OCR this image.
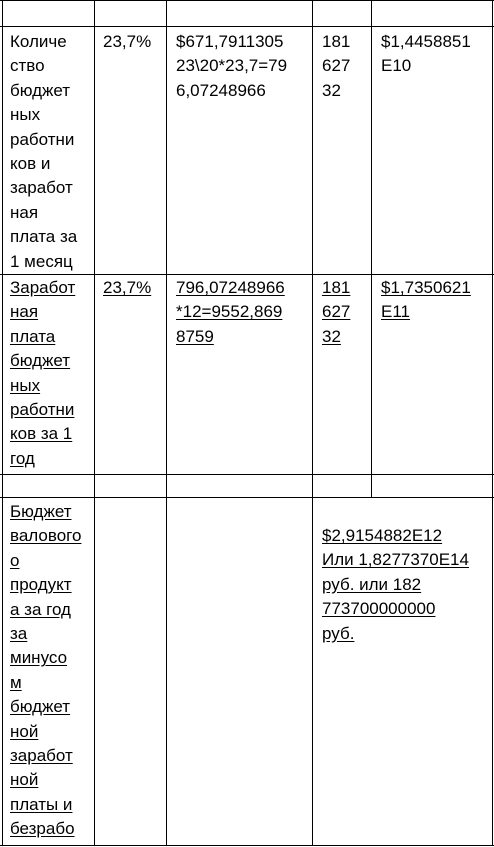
Количе
ство
бюджет
ных
работни
ков и
заработ
ная
плата за
1 месяц
23,7%	$671,7911305
23\20*23,7=79
6,07248966
181
627
32
$1,4458851
E10
Заработ
ная
плата
бюджет
ных
работни
ков за 1
год
23,7%	796,07248966
*12=9552,869
8759
181
627
32
$1,7350621
E11
Бюджет
валового
о
продукт
а за год
за
минусо
м
бюджет
ной
заработ
ной
платы и
безрабо
$2,9154882E12
Или 1,8277370E14
руб. или 182
773700000000
руб.
